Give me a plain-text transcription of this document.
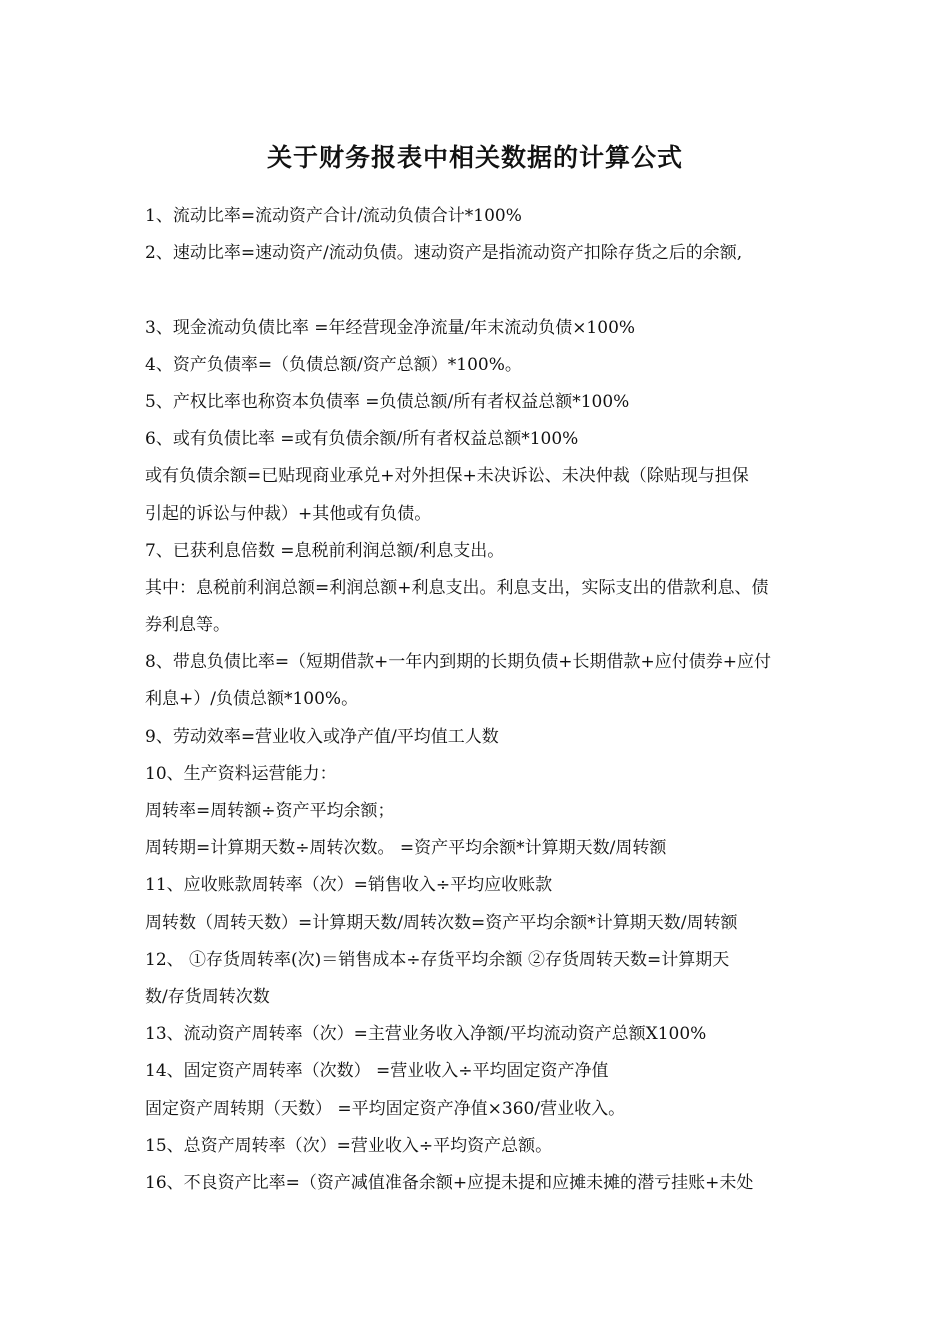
关于财务报表中相关数据的计算公式
1、流动比率=流动资产合计/流动负债合计*100%
2、速动比率=速动资产/流动负债。速动资产是指流动资产扣除存货之后的余额,
3、现金流动负债比率 =年经营现金净流量/年末流动负债×100%
4、资产负债率=（负债总额/资产总额）*100%。
5、产权比率也称资本负债率 =负债总额/所有者权益总额*100%
6、或有负债比率 =或有负债余额/所有者权益总额*100%
或有负债余额=已贴现商业承兑+对外担保+未决诉讼、未决仲裁（除贴现与担保
引起的诉讼与仲裁）+其他或有负债。
7、已获利息倍数 =息税前利润总额/利息支出。
其中：息税前利润总额=利润总额+利息支出。利息支出，实际支出的借款利息、债
券利息等。
8、带息负债比率=（短期借款+一年内到期的长期负债+长期借款+应付债券+应付
利息+）/负债总额*100%。
9、劳动效率=营业收入或净产值/平均值工人数
10、生产资料运营能力：
周转率=周转额÷资产平均余额；
周转期=计算期天数÷周转次数。 =资产平均余额*计算期天数/周转额
11、应收账款周转率（次）=销售收入÷平均应收账款
周转数（周转天数）=计算期天数/周转次数=资产平均余额*计算期天数/周转额
12、 ①存货周转率(次)＝销售成本÷存货平均余额 ②存货周转天数=计算期天
数/存货周转次数
13、流动资产周转率（次）=主营业务收入净额/平均流动资产总额X100%
14、固定资产周转率（次数） =营业收入÷平均固定资产净值
固定资产周转期（天数） =平均固定资产净值×360/营业收入。
15、总资产周转率（次）=营业收入÷平均资产总额。
16、不良资产比率=（资产减值准备余额+应提未提和应摊未摊的潜亏挂账+未处
